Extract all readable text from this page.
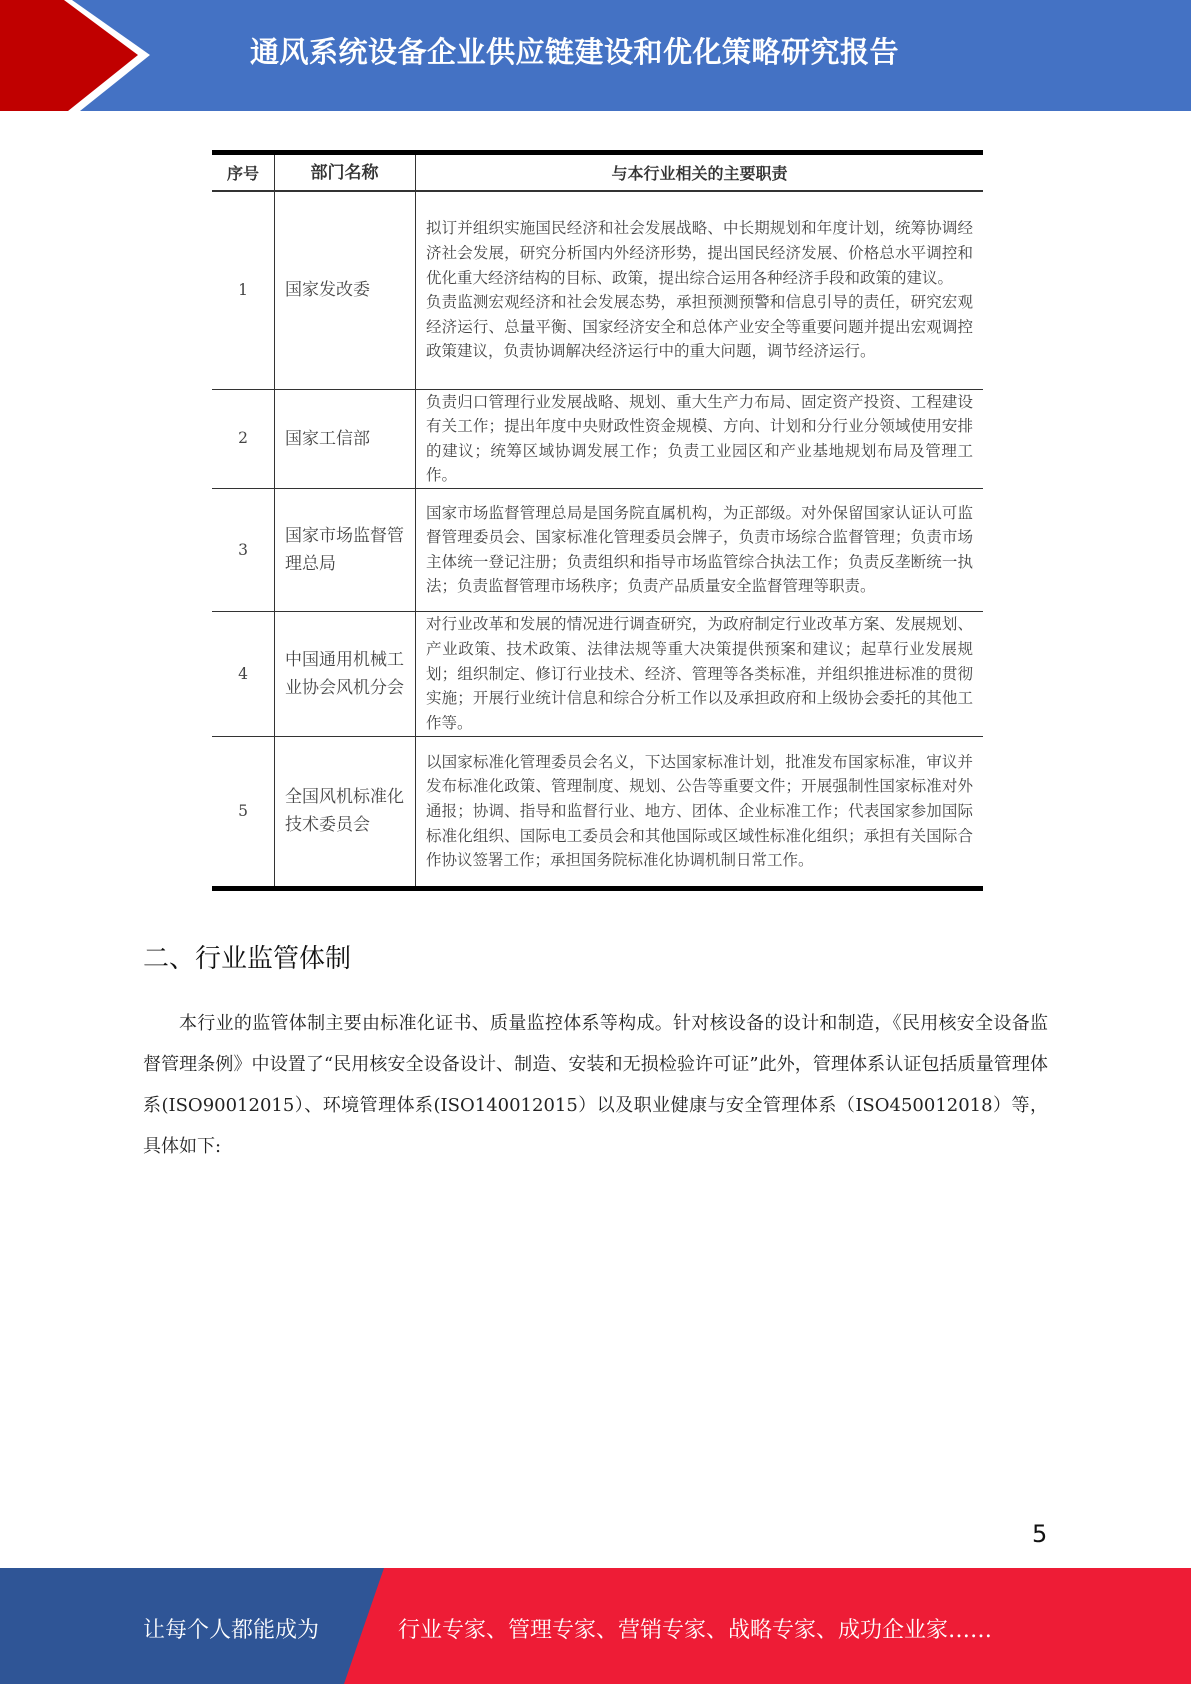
通风系统设备企业供应链建设和优化策略研究报告
序号	部门名称	与本行业相关的主要职责
1	国家发改委	拟订并组织实施国民经济和社会发展战略、中长期规划和年度计划，统筹协调经济社会发展，研究分析国内外经济形势，提出国民经济发展、价格总水平调控和优化重大经济结构的目标、政策，提出综合运用各种经济手段和政策的建议。
负责监测宏观经济和社会发展态势，承担预测预警和信息引导的责任，研究宏观经济运行、总量平衡、国家经济安全和总体产业安全等重要问题并提出宏观调控政策建议，负责协调解决经济运行中的重大问题，调节经济运行。

2	国家工信部	负责归口管理行业发展战略、规划、重大生产力布局、固定资产投资、工程建设有关工作；提出年度中央财政性资金规模、方向、计划和分行业分领域使用安排的建议；统筹区域协调发展工作；负责工业园区和产业基地规划布局及管理工作。
3	国家市场监督管理总局	国家市场监督管理总局是国务院直属机构，为正部级。对外保留国家认证认可监督管理委员会、国家标准化管理委员会牌子，负责市场综合监督管理；负责市场主体统一登记注册；负责组织和指导市场监管综合执法工作；负责反垄断统一执法；负责监督管理市场秩序；负责产品质量安全监督管理等职责。
4	中国通用机械工业协会风机分会	对行业改革和发展的情况进行调查研究，为政府制定行业改革方案、发展规划、产业政策、技术政策、法律法规等重大决策提供预案和建议；起草行业发展规划；组织制定、修订行业技术、经济、管理等各类标准，并组织推进标准的贯彻实施；开展行业统计信息和综合分析工作以及承担政府和上级协会委托的其他工作等。
5	全国风机标准化技术委员会	以国家标准化管理委员会名义，下达国家标准计划，批准发布国家标准，审议并发布标准化政策、管理制度、规划、公告等重要文件；开展强制性国家标准对外通报；协调、指导和监督行业、地方、团体、企业标准工作；代表国家参加国际标准化组织、国际电工委员会和其他国际或区域性标准化组织；承担有关国际合作协议签署工作；承担国务院标准化协调机制日常工作。
二、行业监管体制
本行业的监管体制主要由标准化证书、质量监控体系等构成。针对核设备的设计和制造，《民用核安全设备监督管理条例》中设置了“民用核安全设备设计、制造、安装和无损检验许可证”此外，管理体系认证包括质量管理体系(ISO90012015）、环境管理体系(ISO140012015）以及职业健康与安全管理体系（ISO450012018）等，具体如下:
5
让每个人都能成为	行业专家、管理专家、营销专家、战略专家、成功企业家……
